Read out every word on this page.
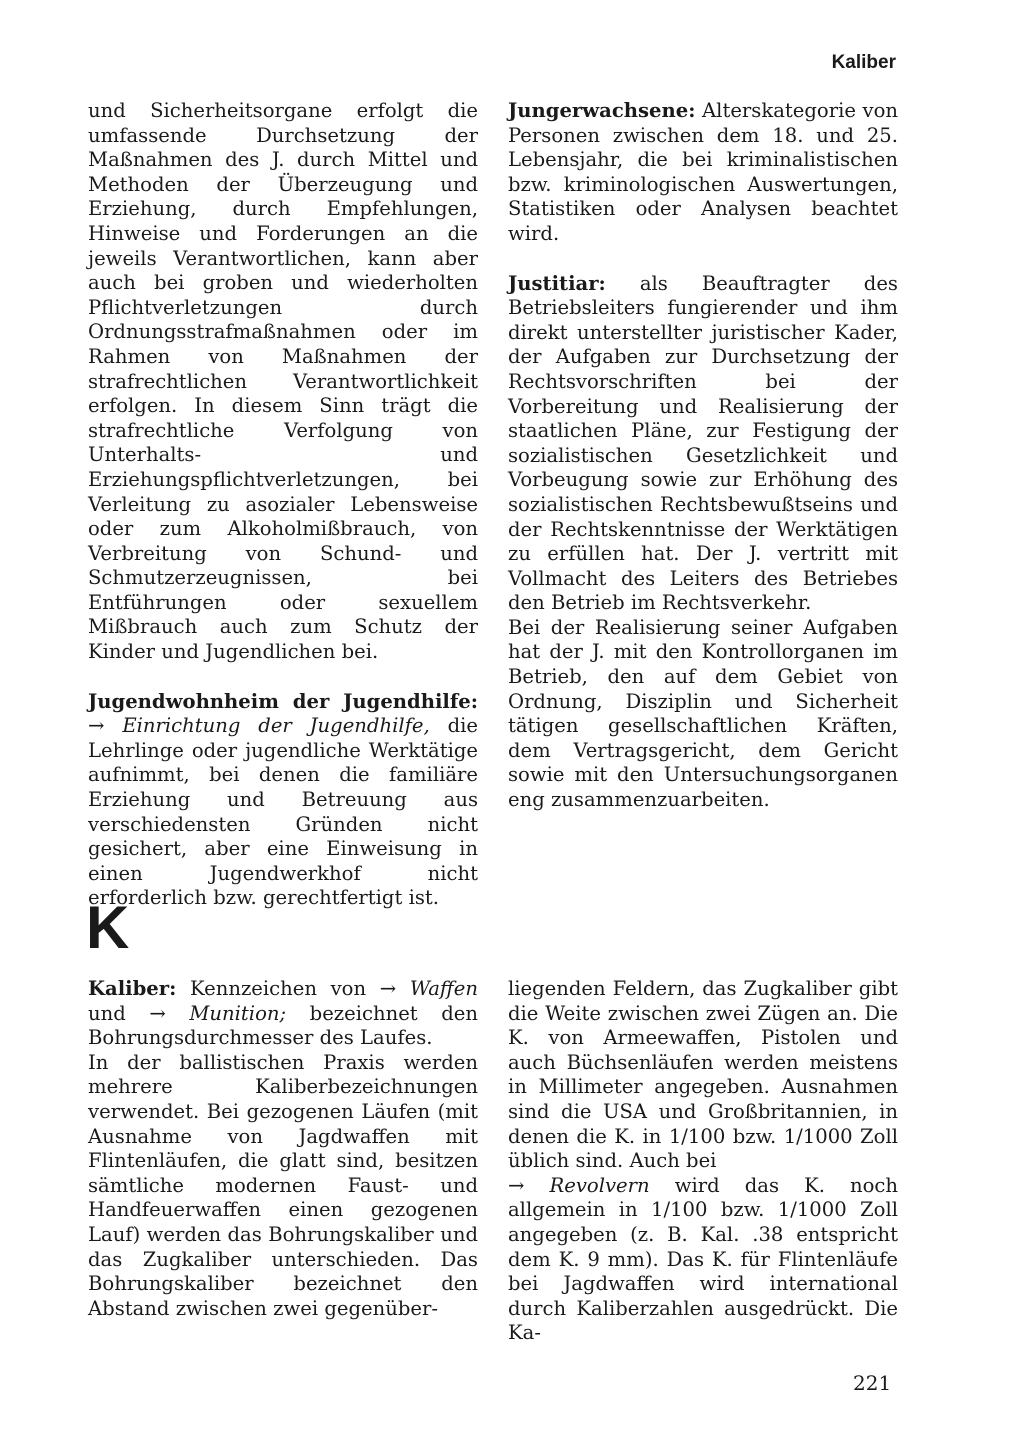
Kaliber

und Sicherheitsorgane erfolgt die umfassende Durchsetzung der Maßnahmen des J. durch Mittel und Methoden der Überzeugung und Erziehung, durch Empfehlungen, Hinweise und Forderungen an die jeweils Verantwortlichen, kann aber auch bei groben und wiederholten Pflichtverletzungen durch Ordnungsstrafmaßnahmen oder im Rahmen von Maßnahmen der strafrechtlichen Verantwortlichkeit erfolgen. In diesem Sinn trägt die strafrechtliche Verfolgung von Unterhalts- und Erziehungspflichtverletzungen, bei Verleitung zu asozialer Lebensweise oder zum Alkoholmißbrauch, von Verbreitung von Schund- und Schmutzerzeugnissen, bei Entführungen oder sexuellem Mißbrauch auch zum Schutz der Kinder und Jugendlichen bei.

Jugendwohnheim der Jugendhilfe: → Einrichtung der Jugendhilfe, die Lehrlinge oder jugendliche Werktätige aufnimmt, bei denen die familiäre Erziehung und Betreuung aus verschiedensten Gründen nicht gesichert, aber eine Einweisung in einen Jugendwerkhof nicht erforderlich bzw. gerechtfertigt ist.

Jungerwachsene: Alterskategorie von Personen zwischen dem 18. und 25. Lebensjahr, die bei kriminalistischen bzw. kriminologischen Auswertungen, Statistiken oder Analysen beachtet wird.

Justitiar: als Beauftragter des Betriebsleiters fungierender und ihm direkt unterstellter juristischer Kader, der Aufgaben zur Durchsetzung der Rechtsvorschriften bei der Vorbereitung und Realisierung der staatlichen Pläne, zur Festigung der sozialistischen Gesetzlichkeit und Vorbeugung sowie zur Erhöhung des sozialistischen Rechtsbewußtseins und der Rechtskenntnisse der Werktätigen zu erfüllen hat. Der J. vertritt mit Vollmacht des Leiters des Betriebes den Betrieb im Rechtsverkehr.

Bei der Realisierung seiner Aufgaben hat der J. mit den Kontrollorganen im Betrieb, den auf dem Gebiet von Ordnung, Disziplin und Sicherheit tätigen gesellschaftlichen Kräften, dem Vertragsgericht, dem Gericht sowie mit den Untersuchungsorganen eng zusammenzuarbeiten.

K

Kaliber: Kennzeichen von → Waffen und → Munition; bezeichnet den Bohrungsdurchmesser des Laufes.

In der ballistischen Praxis werden mehrere Kaliberbezeichnungen verwendet. Bei gezogenen Läufen (mit Ausnahme von Jagdwaffen mit Flintenläufen, die glatt sind, besitzen sämtliche modernen Faust- und Handfeuerwaffen einen gezogenen Lauf) werden das Bohrungskaliber und das Zugkaliber unterschieden. Das Bohrungskaliber bezeichnet den Abstand zwischen zwei gegenüber-

liegenden Feldern, das Zugkaliber gibt die Weite zwischen zwei Zügen an. Die K. von Armeewaffen, Pistolen und auch Büchsenläufen werden meistens in Millimeter angegeben. Ausnahmen sind die USA und Großbritannien, in denen die K. in 1/100 bzw. 1/1000 Zoll üblich sind. Auch bei
→ Revolvern wird das K. noch allgemein in 1/100 bzw. 1/1000 Zoll angegeben (z. B. Kal. .38 entspricht dem K. 9 mm). Das K. für Flintenläufe bei Jagdwaffen wird international durch Kaliberzahlen ausgedrückt. Die Ka-

221
